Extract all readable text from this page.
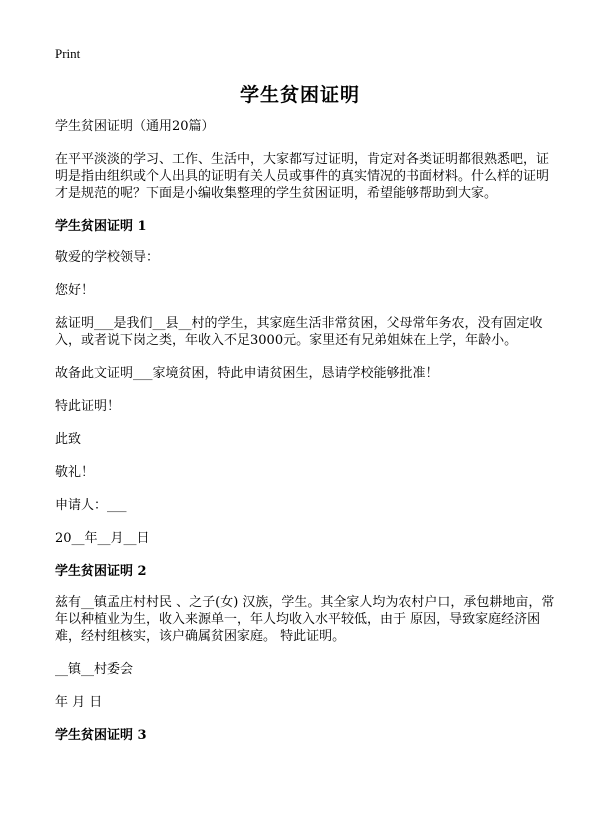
Print
学生贫困证明

学生贫困证明（通用20篇）

在平平淡淡的学习、工作、生活中，大家都写过证明，肯定对各类证明都很熟悉吧，证明是指由组织或个人出具的证明有关人员或事件的真实情况的书面材料。什么样的证明才是规范的呢？下面是小编收集整理的学生贫困证明，希望能够帮助到大家。

学生贫困证明 1

敬爱的学校领导：

您好！

兹证明___是我们__县__村的学生，其家庭生活非常贫困，父母常年务农，没有固定收入，或者说下岗之类，年收入不足3000元。家里还有兄弟姐妹在上学，年龄小。

故备此文证明___家境贫困，特此申请贫困生，恳请学校能够批准！

特此证明！

此致

敬礼！

申请人：___

20__年__月__日

学生贫困证明 2

兹有__镇孟庄村村民 、之子(女) 汉族，学生。其全家人均为农村户口，承包耕地亩，常年以种植业为生，收入来源单一，年人均收入水平较低，由于 原因，导致家庭经济困难，经村组核实，该户确属贫困家庭。 特此证明。

__镇__村委会

年 月 日

学生贫困证明 3
